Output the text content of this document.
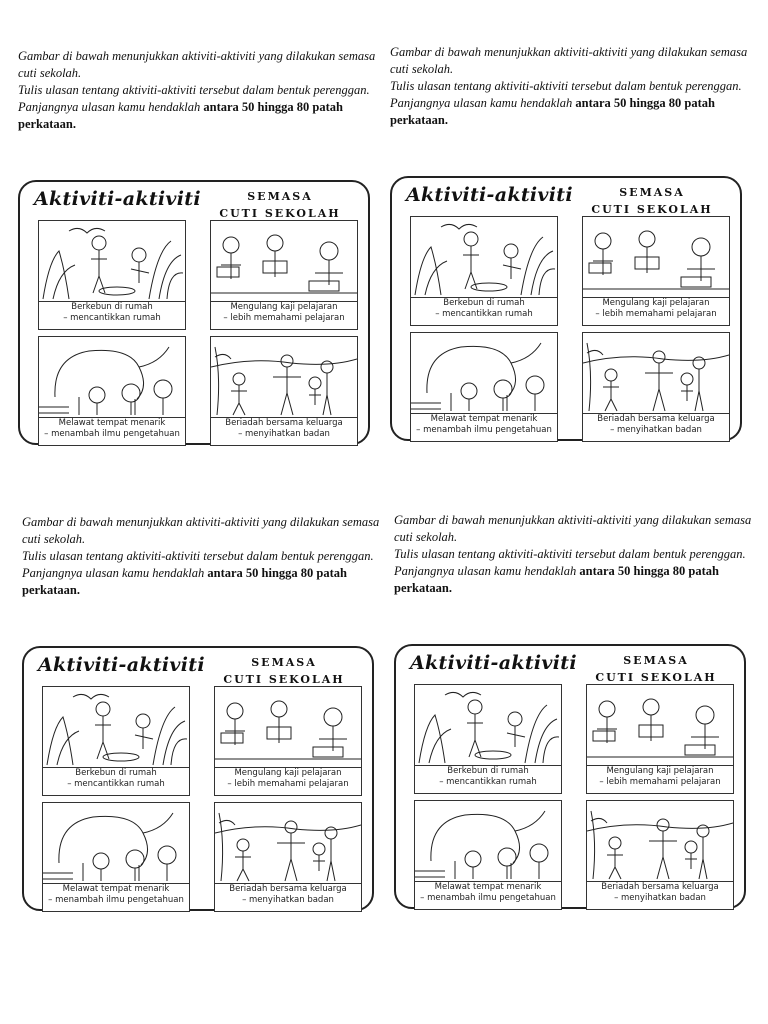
Gambar di bawah menunjukkan aktiviti-aktiviti yang dilakukan semasa cuti sekolah.

Tulis ulasan tentang aktiviti-aktiviti tersebut dalam bentuk perenggan.

Panjangnya ulasan kamu hendaklah antara 50 hingga 80 patah perkataan.

Aktiviti-aktiviti	SEMASA
CUTI SEKOLAH
Berkebun di rumah
– mencantikkan rumah
Mengulang kaji pelajaran
– lebih memahami pelajaran
Melawat tempat menarik
– menambah ilmu pengetahuan
Beriadah bersama keluarga
– menyihatkan badan

Gambar di bawah menunjukkan aktiviti-aktiviti yang dilakukan semasa cuti sekolah.

Tulis ulasan tentang aktiviti-aktiviti tersebut dalam bentuk perenggan.

Panjangnya ulasan kamu hendaklah antara 50 hingga 80 patah perkataan.

Aktiviti-aktiviti	SEMASA
CUTI SEKOLAH
Berkebun di rumah
– mencantikkan rumah
Mengulang kaji pelajaran
– lebih memahami pelajaran
Melawat tempat menarik
– menambah ilmu pengetahuan
Beriadah bersama keluarga
– menyihatkan badan

Gambar di bawah menunjukkan aktiviti-aktiviti yang dilakukan semasa cuti sekolah.

Tulis ulasan tentang aktiviti-aktiviti tersebut dalam bentuk perenggan.

Panjangnya ulasan kamu hendaklah antara 50 hingga 80 patah perkataan.

Aktiviti-aktiviti	SEMASA
CUTI SEKOLAH
Berkebun di rumah
– mencantikkan rumah
Mengulang kaji pelajaran
– lebih memahami pelajaran
Melawat tempat menarik
– menambah ilmu pengetahuan
Beriadah bersama keluarga
– menyihatkan badan

Gambar di bawah menunjukkan aktiviti-aktiviti yang dilakukan semasa cuti sekolah.

Tulis ulasan tentang aktiviti-aktiviti tersebut dalam bentuk perenggan.

Panjangnya ulasan kamu hendaklah antara 50 hingga 80 patah perkataan.

Aktiviti-aktiviti	SEMASA
CUTI SEKOLAH
Berkebun di rumah
– mencantikkan rumah
Mengulang kaji pelajaran
– lebih memahami pelajaran
Melawat tempat menarik
– menambah ilmu pengetahuan
Beriadah bersama keluarga
– menyihatkan badan
